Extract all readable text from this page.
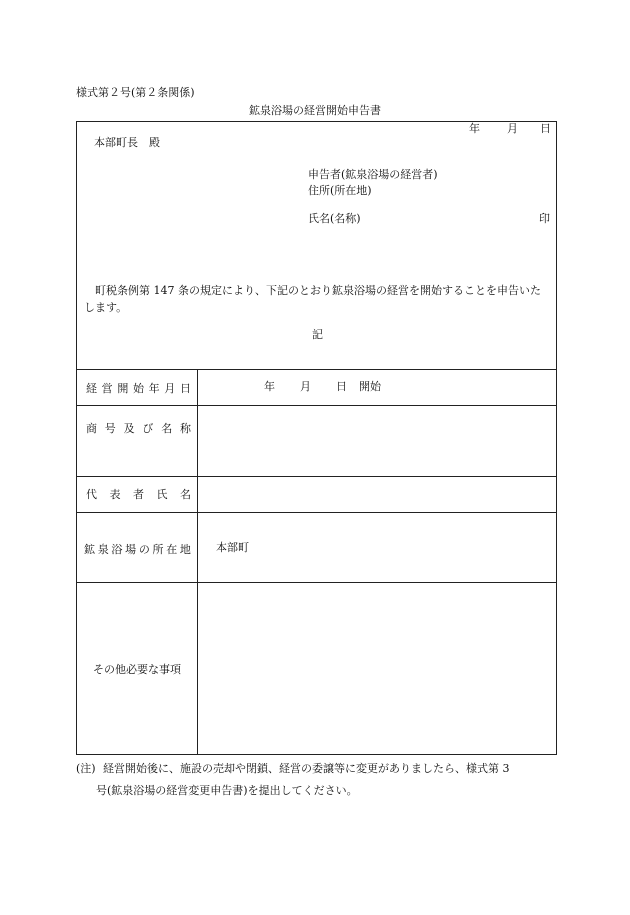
様式第２号(第２条関係)
鉱泉浴場の経営開始申告書
年 月 日
本部町長　殿
申告者(鉱泉浴場の経営者)
住所(所在地)
氏名(名称)	印
町税条例第 147 条の規定により、下記のとおり鉱泉浴場の経営を開始することを申告いたします。
記
経 営 開 始 年 月 日	年 月 日 開始
商 号 及 び 名 称
代 表 者 氏 名
鉱 泉 浴 場 の 所 在 地 本部町
その他必要な事項
(注) 経営開始後に、施設の売却や閉鎖、経営の委譲等に変更がありましたら、様式第 3
号(鉱泉浴場の経営変更申告書)を提出してください。
